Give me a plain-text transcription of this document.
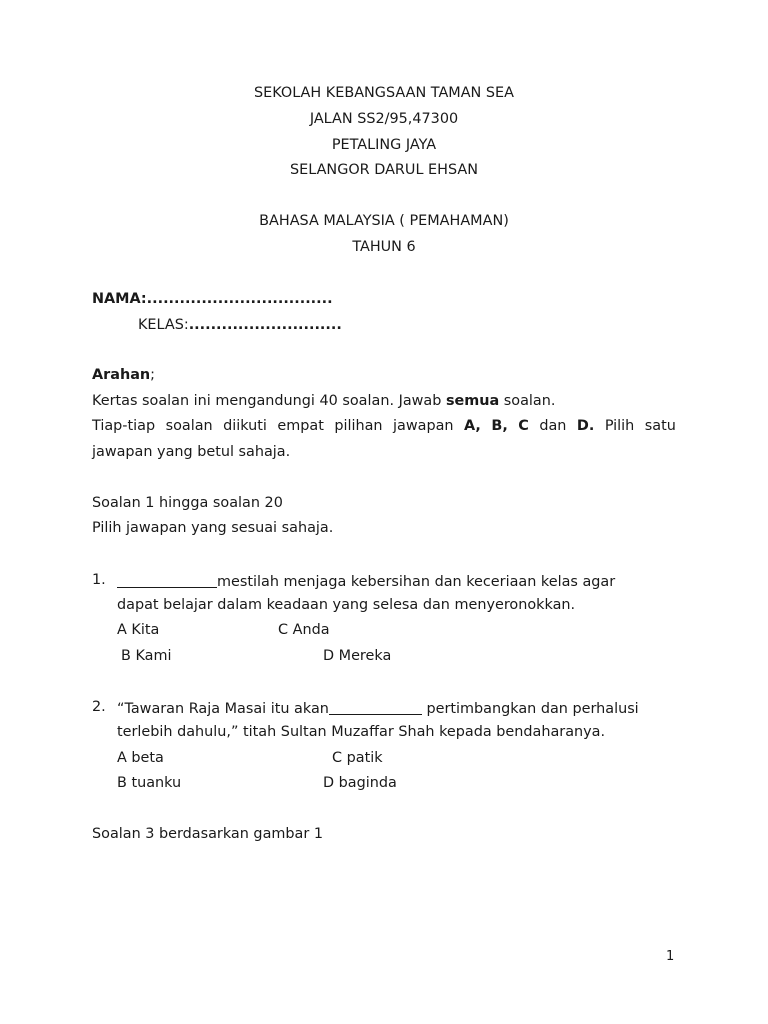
SEKOLAH KEBANGSAAN TAMAN SEA
JALAN SS2/95,47300
PETALING JAYA
SELANGOR DARUL EHSAN
BAHASA MALAYSIA ( PEMAHAMAN)
TAHUN 6
NAMA:..................................
KELAS:............................
Arahan;
Kertas soalan ini mengandungi 40 soalan. Jawab semua soalan.
Tiap-tiap soalan diikuti empat pilihan jawapan A, B, C dan D. Pilih satu
jawapan yang betul sahaja.
Soalan 1 hingga soalan 20
Pilih jawapan yang sesuai sahaja.
1.	mestilah menjaga kebersihan dan keceriaan kelas agar
dapat belajar dalam keadaan yang selesa dan menyeronokkan.
A Kita	C Anda
B Kami	D Mereka
2. “Tawaran Raja Masai itu akan	pertimbangkan dan perhalusi
terlebih dahulu,” titah Sultan Muzaffar Shah kepada bendaharanya.
A beta	C patik
B tuanku	D baginda
Soalan 3 berdasarkan gambar 1
1
